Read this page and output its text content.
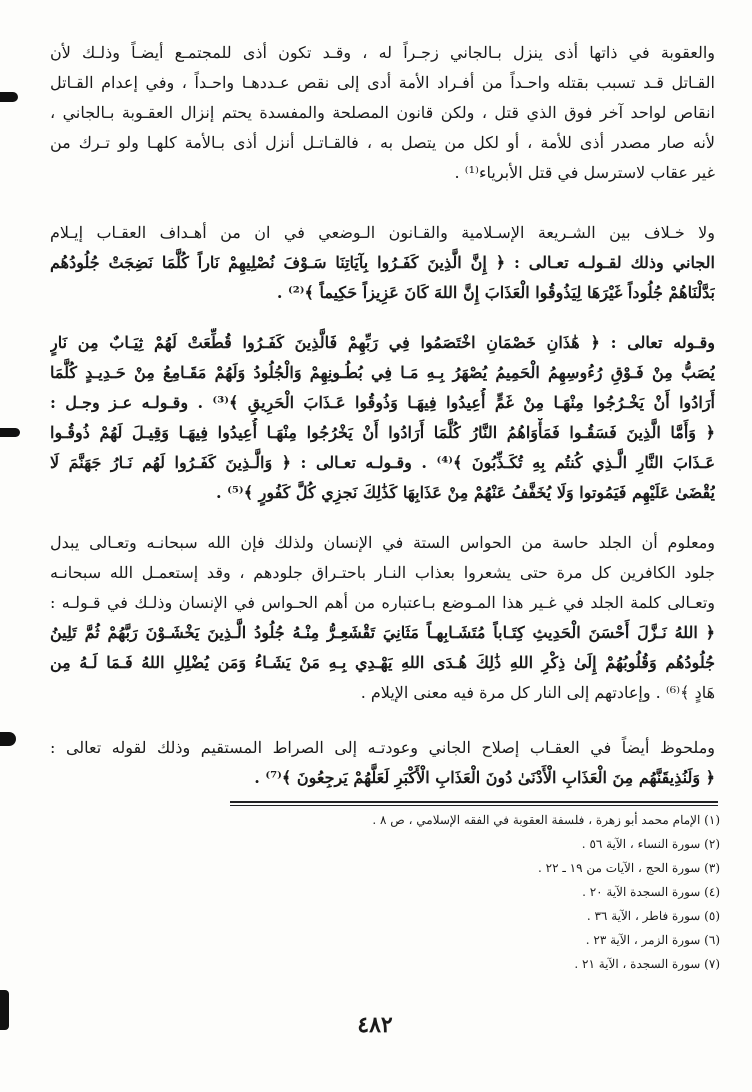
والعقوبة في ذاتها أذى ينزل بـالجاني زجـراً له ، وقـد تكون أذى للمجتمـع أيضـاً وذلـك لأن
القـاتل قـد تسبب بقتله واحـداً من أفـراد الأمة أدى إلى نقص عـددهـا واحـداً ، وفي إعدام القـاتل
انقاص لواحد آخر فوق الذي قتل ، ولكن قانون المصلحة والمفسدة يحتم إنزال العقـوبة بـالجاني ،
لأنه صار مصدر أذى للأمة ، أو لكل من يتصل به ، فالقـاتـل أنزل أذى بـالأمة كلهـا ولو تـرك من
غير عقاب لاسترسل في قتل الأبرياء⁽¹⁾ .
ولا خـلاف بين الشـريعة الإسـلامية والقـانون الـوضعي في ان من أهـداف العقـاب إيـلام
الجاني وذلك لقـولـه تعـالى : ﴿ إِنَّ الَّذِينَ كَفَـرُوا بِآيَاتِنَا سَـوْفَ نُصْلِيهِمْ نَاراً كُلَّمَا نَضِجَتْ جُلُودُهُم
بَدَّلْنَاهُمْ جُلُوداً غَيْرَهَا لِيَذُوقُوا الْعَذَابَ إِنَّ اللهَ كَانَ عَزِيزاً حَكِيماً ﴾⁽²⁾ .
وقـوله تعالى : ﴿ هَٰذَانِ خَصْمَانِ اخْتَصَمُوا فِي رَبِّهِمْ فَالَّذِينَ كَفَـرُوا قُطِّعَتْ لَهُمْ ثِيَـابٌ مِن نَارٍ
يُصَبُّ مِنْ فَـوْقِ رُءُوسِهِمُ الْحَمِيمُ يُصْهَرُ بِـهِ مَـا فِي بُطُـونِهِمْ وَالْجُلُودُ وَلَهُمْ مَقَـامِعُ مِنْ حَـدِيـدٍ كُلَّمَا
أَرَادُوا أَنْ يَخْـرُجُوا مِنْهَـا مِنْ غَمٍّ أُعِيدُوا فِيهَـا وَذُوقُوا عَـذَابَ الْحَرِيقِ ﴾⁽³⁾ . وقـولـه عـز وجـل :
﴿ وَأَمَّا الَّذِينَ فَسَقُـوا فَمَأْوَاهُمُ النَّارُ كُلَّمَا أَرَادُوا أَنْ يَخْرُجُوا مِنْهَـا أُعِيدُوا فِيهَـا وَقِيـلَ لَهُمْ ذُوقُـوا
عَـذَابَ النَّارِ الَّـذِي كُنتُم بِهِ تُكَـذِّبُونَ ﴾⁽⁴⁾ . وقـولـه تعـالى : ﴿ وَالَّـذِينَ كَفَـرُوا لَهُم نَـارُ جَهَنَّمَ لَا
يُقْضَىٰ عَلَيْهِم فَيَمُوتوا وَلَا يُخَفَّفُ عَنْهُمْ مِنْ عَذَابِهَا كَذَٰلِكَ نَجزِي كُلَّ كَفُورٍ ﴾⁽⁵⁾ .
ومعلوم أن الجلد حاسة من الحواس الستة في الإنسان ولذلك فإن الله سبحانـه وتعـالى يبدل
جلود الكافرين كل مرة حتى يشعروا بعذاب النـار باحتـراق جلودهم ، وقد إستعمـل الله سبحانـه
وتعـالى كلمة الجلد في غـير هذا المـوضع بـاعتباره من أهم الحـواس في الإنسان وذلـك في قـولـه :
﴿ اللهُ نَـزَّلَ أَحْسَنَ الْحَدِيثِ كِتَـاباً مُتَشَـابِهـاً مَثَانِيَ تَقْشَعِـرُّ مِنْـهُ جُلُودُ الَّـذِينَ يَخْشَـوْنَ رَبَّهُمْ ثُمَّ تَلِينُ
جُلُودُهُم وَقُلُوبُهُمْ إِلَىٰ ذِكْرِ اللهِ ذَٰلِكَ هُـدَى اللهِ يَهْـدِي بِـهِ مَنْ يَشَـاءُ وَمَن يُضْلِلِ اللهُ فَـمَا لَـهُ مِن
هَادٍ ﴾⁽⁶⁾ . وإعادتهم إلى النار كل مرة فيه معنى الإيلام .
وملحوظ أيضاً في العقـاب إصلاح الجاني وعودتـه إلى الصراط المستقيم وذلك لقوله تعالى :
﴿ وَلَنُذِيقَنَّهُم مِنَ الْعَذَابِ الْأَدْنَىٰ دُونَ الْعَذَابِ الْأَكْبَرِ لَعَلَّهُمْ يَرجِعُونَ ﴾⁽⁷⁾ .
(١) الإمام محمد أبو زهرة ، فلسفة العقوبة في الفقه الإسلامي ، ص ٨ .
(٢) سورة النساء ، الآية ٥٦ .
(٣) سورة الحج ، الآيات من ١٩ ـ ٢٢ .
(٤) سورة السجدة الآية ٢٠ .
(٥) سورة فاطر ، الآية ٣٦ .
(٦) سورة الزمر ، الآية ٢٣ .
(٧) سورة السجدة ، الآية ٢١ .
٤٨٢
